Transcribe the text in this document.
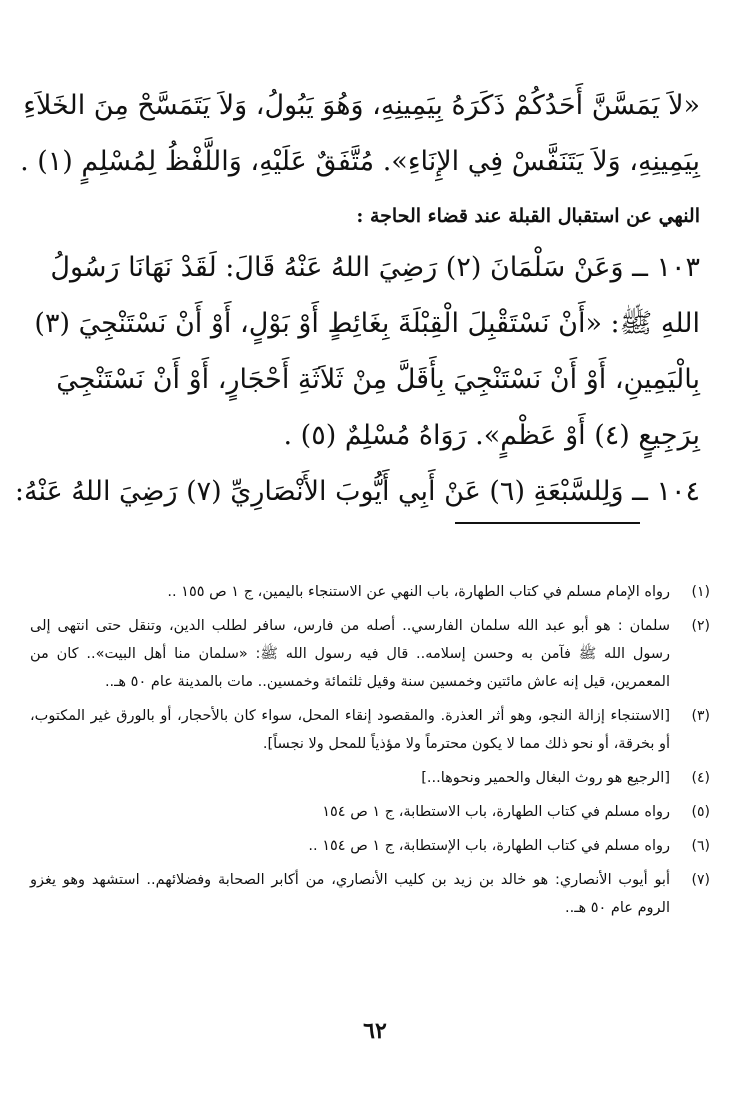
«لاَ يَمَسَّنَّ أَحَدُكُمْ ذَكَرَهُ بِيَمِينِهِ، وَهُوَ يَبُولُ، وَلاَ يَتَمَسَّحْ مِنَ الخَلاَءِ

بِيَمِينِهِ، وَلاَ يَتَنَفَّسْ فِي الإِنَاءِ». مُتَّفَقٌ عَلَيْهِ، وَاللَّفْظُ لِمُسْلِمٍ (١) .

النهي عن استقبال القبلة عند قضاء الحاجة :

١٠٣ ــ وَعَنْ سَلْمَانَ (٢) رَضِيَ اللهُ عَنْهُ قَالَ: لَقَدْ نَهَانَا رَسُولُ

اللهِ ﷺ: «أَنْ نَسْتَقْبِلَ الْقِبْلَةَ بِغَائِطٍ أَوْ بَوْلٍ، أَوْ أَنْ نَسْتَنْجِيَ (٣)

بِالْيَمِينِ، أَوْ أَنْ نَسْتَنْجِيَ بِأَقَلَّ مِنْ ثَلاَثَةِ أَحْجَارٍ، أَوْ أَنْ نَسْتَنْجِيَ

بِرَجِيعٍ (٤) أَوْ عَظْمٍ». رَوَاهُ مُسْلِمٌ (٥) .

١٠٤ ــ وَلِلسَّبْعَةِ (٦) عَنْ أَبِي أَيُّوبَ الأَنْصَارِيِّ (٧) رَضِيَ اللهُ عَنْهُ:

(١)
رواه الإمام مسلم في كتاب الطهارة، باب النهي عن الاستنجاء باليمين، ج ١ ص ١٥٥ ..
(٢)
سلمان : هو أبو عبد الله سلمان الفارسي.. أصله من فارس، سافر لطلب الدين، وتنقل حتى انتهى إلى رسول الله ﷺ فآمن به وحسن إسلامه.. قال فيه رسول الله ﷺ: «سلمان منا أهل البيت».. كان من المعمرين، قيل إنه عاش مائتين وخمسين سنة وقيل ثلثمائة وخمسين.. مات بالمدينة عام ٥٠ هـ..
(٣)
[الاستنجاء إزالة النجو، وهو أثر العذرة. والمقصود إنقاء المحل، سواء كان بالأحجار، أو بالورق غير المكتوب، أو بخرقة، أو نحو ذلك مما لا يكون محترماً ولا مؤذياً للمحل ولا نجساً].
(٤)
[الرجيع هو روث البغال والحمير ونحوها...]
(٥)
رواه مسلم في كتاب الطهارة، باب الاستطابة، ج ١ ص ١٥٤
(٦)
رواه مسلم في كتاب الطهارة، باب الإستطابة، ج ١ ص ١٥٤ ..
(٧)
أبو أيوب الأنصاري: هو خالد بن زيد بن كليب الأنصاري، من أكابر الصحابة وفضلائهم.. استشهد وهو يغزو الروم عام ٥٠ هـ..
٦٢
